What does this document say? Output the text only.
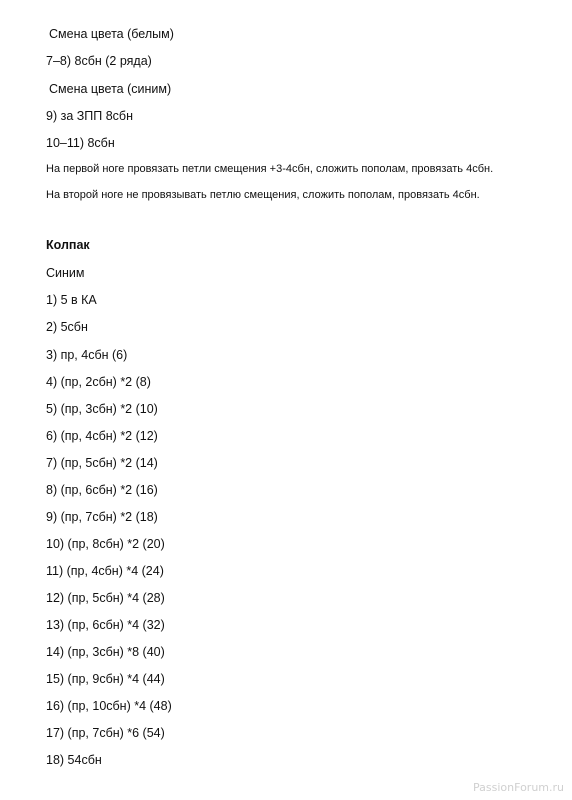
Смена цвета (белым)
7–8) 8сбн (2 ряда)
Смена цвета (синим)
9) за ЗПП 8сбн
10–11) 8сбн
На первой ноге провязать петли смещения +3-4сбн, сложить пополам, провязать 4сбн.
На второй ноге не провязывать петлю смещения, сложить пополам, провязать 4сбн.
Колпак
Синим
1) 5 в КА
2) 5сбн
3) пр, 4сбн (6)
4) (пр, 2сбн) *2 (8)
5) (пр, 3сбн) *2 (10)
6) (пр, 4сбн) *2 (12)
7) (пр, 5сбн) *2 (14)
8) (пр, 6сбн) *2 (16)
9) (пр, 7сбн) *2 (18)
10) (пр, 8сбн) *2 (20)
11) (пр, 4сбн) *4 (24)
12) (пр, 5сбн) *4 (28)
13) (пр, 6сбн) *4 (32)
14) (пр, 3сбн) *8 (40)
15) (пр, 9сбн) *4 (44)
16) (пр, 10сбн) *4 (48)
17) (пр, 7сбн) *6 (54)
18) 54сбн
PassionForum.ru
